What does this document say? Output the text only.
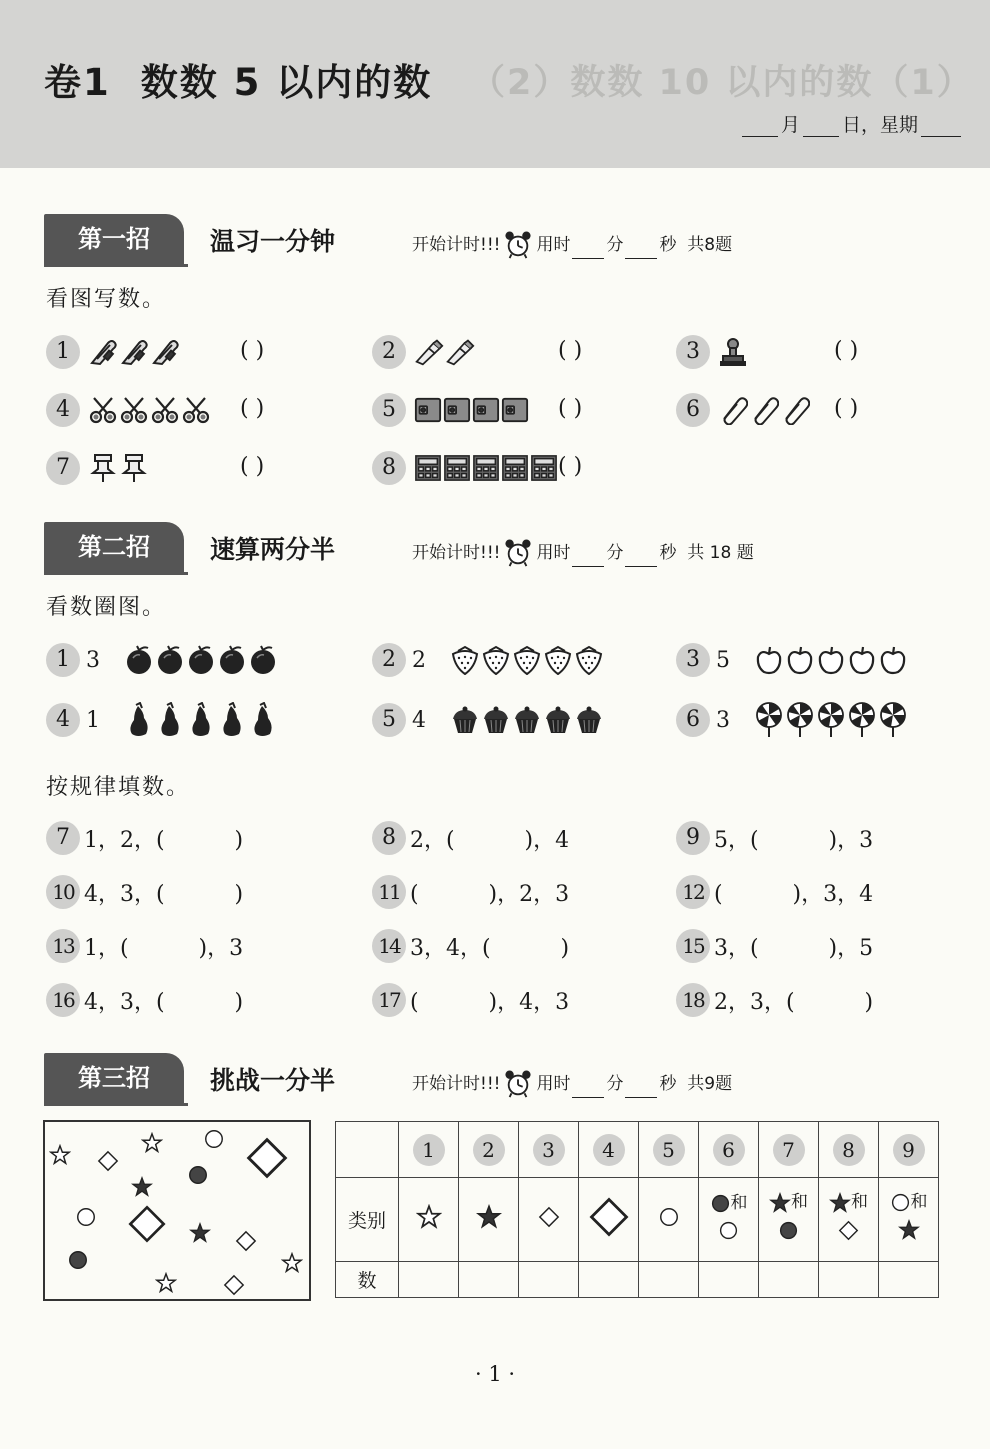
（2）数数 10 以内的数（1）
卷1 数数 5 以内的数
月 日，星期
第一招	温习一分钟	开始计时!!! 用时 分 秒 共8题
看图写数。
1	( )	2	( )	3	( )
4	( )	5	( )	6	( )
7	( )	8	( )
第二招	速算两分半	开始计时!!! 用时 分 秒 共 18 题
看数圈图。
1 3	2 2	3 5
4 1	5 4	6 3
按规律填数。
7 1，2，(          )	8 2，(          )，4	9 5，(          )，3
10 4，3，(          )	11 (          )，2，3	12 (          )，3，4
13 1，(          )，3	14 3，4，(          )	15 3，(          )，5
16 4，3，(          )	17 (          )，4，3	18 2，3，(          )
第三招	挑战一分半	开始计时!!! 用时 分 秒 共9题
	1	2	3	4	5	6	7	8	9
类别						和	和	和	和

数									
· 1 ·
